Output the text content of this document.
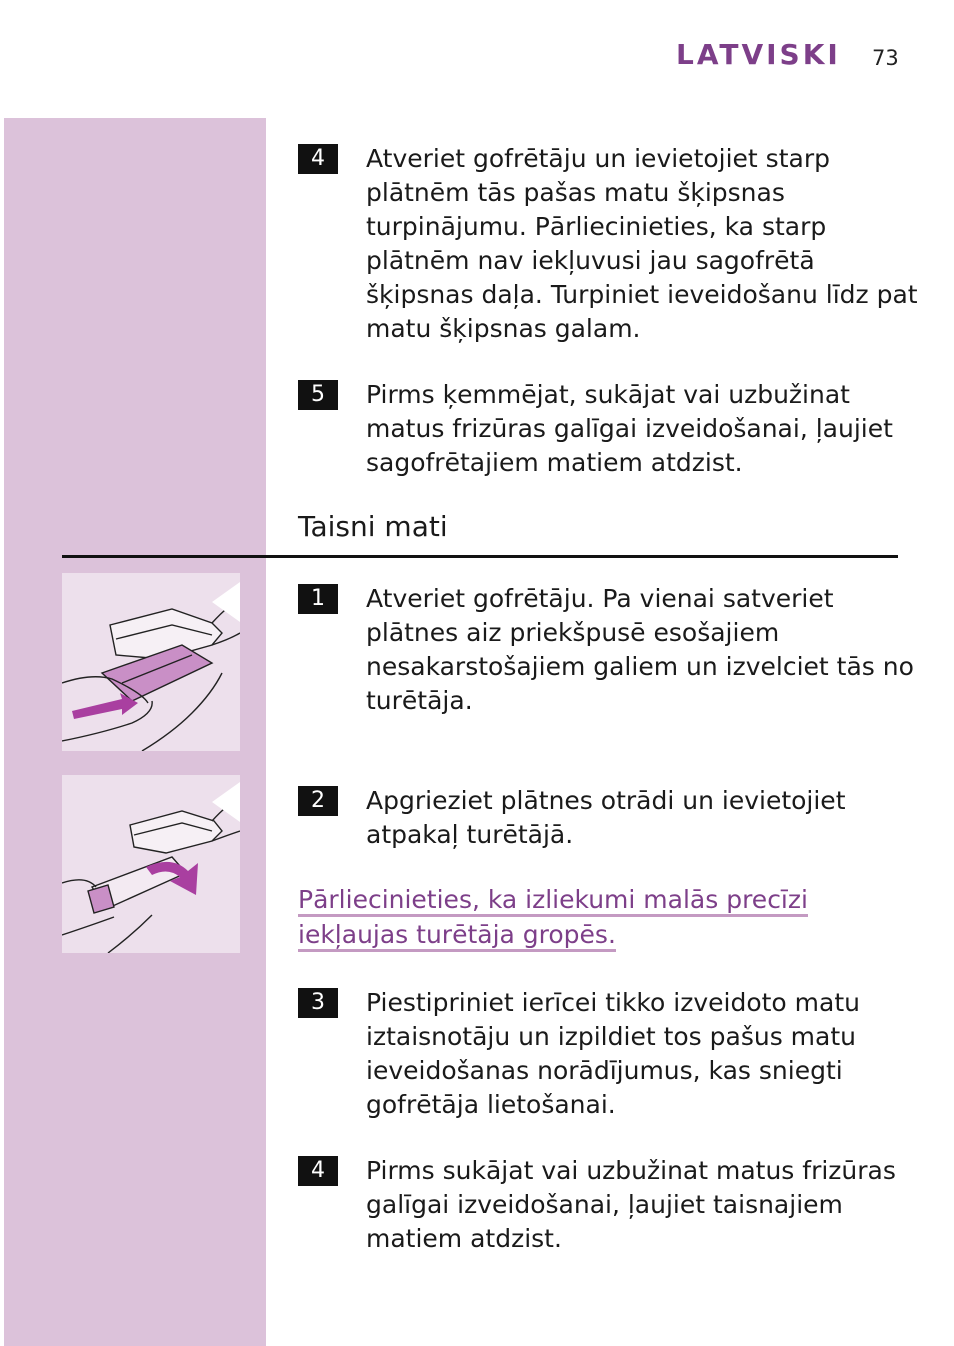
LATVISKI 73
4	Atveriet gofrētāju un ievietojiet starp plātnēm tās pašas matu šķipsnas turpinājumu. Pārliecinieties, ka starp plātnēm nav iekļuvusi jau sagofrētā šķipsnas daļa. Turpiniet ieveidošanu līdz pat matu šķipsnas galam.
5	Pirms ķemmējat, sukājat vai uzbužinat matus frizūras galīgai izveidošanai, ļaujiet sagofrētajiem matiem atdzist.
Taisni mati
1	Atveriet gofrētāju. Pa vienai satveriet plātnes aiz priekšpusē esošajiem nesakarstošajiem galiem un izvelciet tās no turētāja.
2	Apgrieziet plātnes otrādi un ievietojiet atpakaļ turētājā.
Pārliecinieties, ka izliekumi malās precīzi iekļaujas turētāja gropēs.
3	Piestipriniet ierīcei tikko izveidoto matu iztaisnotāju un izpildiet tos pašus matu ieveidošanas norādījumus, kas sniegti gofrētāja lietošanai.
4	Pirms sukājat vai uzbužinat matus frizūras galīgai izveidošanai, ļaujiet taisnajiem matiem atdzist.
